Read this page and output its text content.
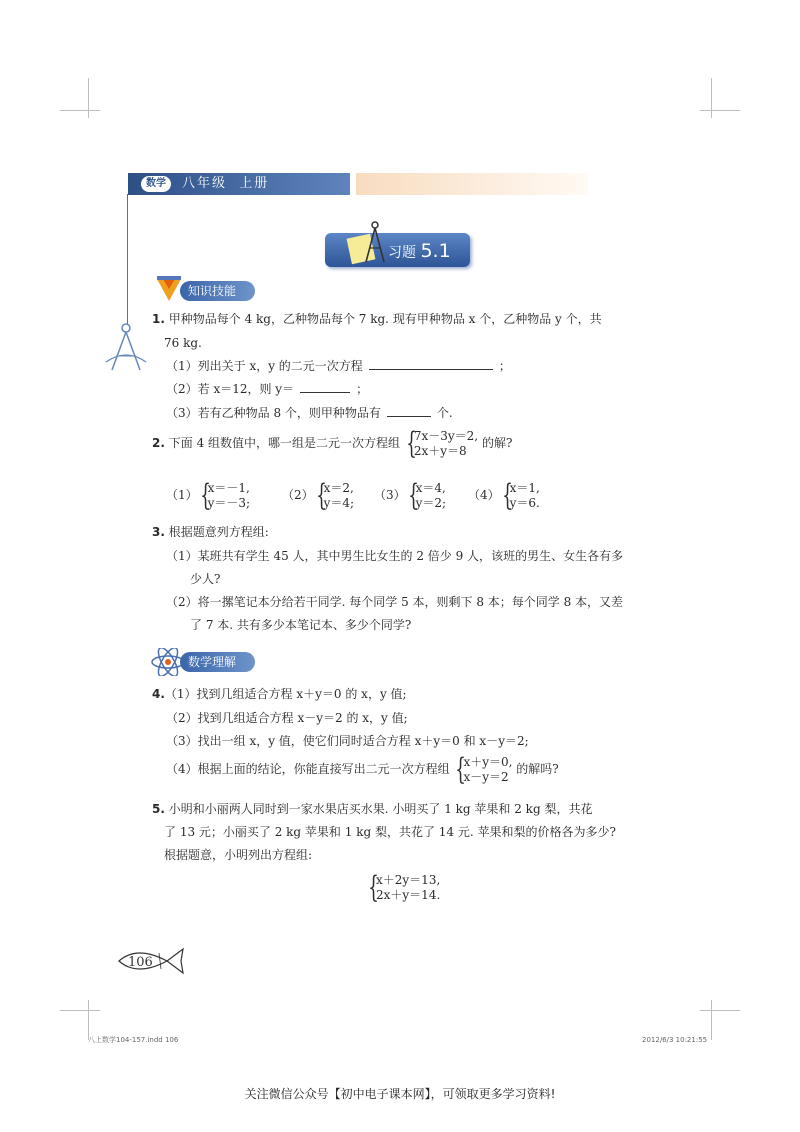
数学	八年级  上册
习题 5.1
知识技能
1. 甲种物品每个 4 kg，乙种物品每个 7 kg. 现有甲种物品 x 个，乙种物品 y 个，共
76 kg.
（1）列出关于 x，y 的二元一次方程	；
（2）若 x＝12，则 y＝	；
（3）若有乙种物品 8 个，则甲种物品有	个.
2. 下面 4 组数值中，哪一组是二元一次方程组 {
7x－3y＝2,
2x＋y＝8
的解?
（1） {
x＝－1,
y＝－3;
（2） {
x＝2,
y＝4;
（3） {
x＝4,
y＝2;
（4） {
x＝1,
y＝6.
3. 根据题意列方程组:
（1）某班共有学生 45 人，其中男生比女生的 2 倍少 9 人，该班的男生、女生各有多
少人?
（2）将一摞笔记本分给若干同学. 每个同学 5 本，则剩下 8 本；每个同学 8 本，又差
了 7 本. 共有多少本笔记本、多少个同学?
数学理解
4.（1）找到几组适合方程 x＋y＝0 的 x，y 值;
（2）找到几组适合方程 x－y＝2 的 x，y 值;
（3）找出一组 x，y 值，使它们同时适合方程 x＋y＝0 和 x－y＝2;
（4）根据上面的结论，你能直接写出二元一次方程组 {
x＋y＝0,
x－y＝2
的解吗?
5. 小明和小丽两人同时到一家水果店买水果. 小明买了 1 kg 苹果和 2 kg 梨，共花
了 13 元；小丽买了 2 kg 苹果和 1 kg 梨，共花了 14 元. 苹果和梨的价格各为多少?
根据题意，小明列出方程组:
{
x＋2y＝13,
2x＋y＝14.
106
八上数学104-157.indd 106	2012/6/3 10:21:55
关注微信公众号【初中电子课本网】，可领取更多学习资料!
